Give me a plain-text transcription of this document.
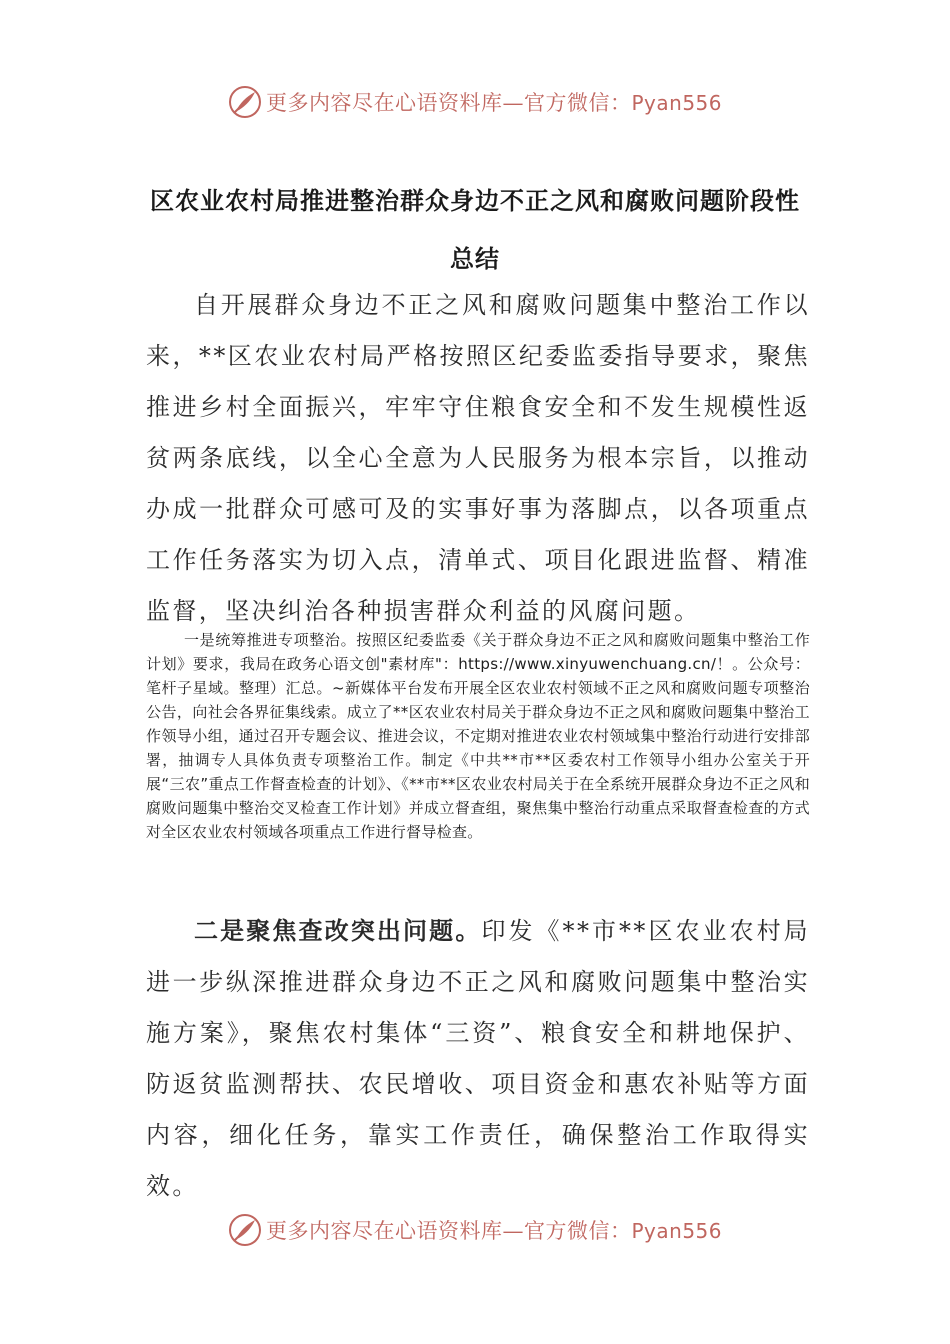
更多内容尽在心语资料库—官方微信：Pyan556
区农业农村局推进整治群众身边不正之风和腐败问题阶段性总结

自开展群众身边不正之风和腐败问题集中整治工作以来，**区农业农村局严格按照区纪委监委指导要求，聚焦推进乡村全面振兴，牢牢守住粮食安全和不发生规模性返贫两条底线，以全心全意为人民服务为根本宗旨，以推动办成一批群众可感可及的实事好事为落脚点，以各项重点工作任务落实为切入点，清单式、项目化跟进监督、精准监督，坚决纠治各种损害群众利益的风腐问题。

一是统筹推进专项整治。按照区纪委监委《关于群众身边不正之风和腐败问题集中整治工作计划》要求，我局在政务心语文创"素材库"：https://www.xinyuwenchuang.cn/！。公众号：笔杆子星域。整理）汇总。~新媒体平台发布开展全区农业农村领域不正之风和腐败问题专项整治公告，向社会各界征集线索。成立了**区农业农村局关于群众身边不正之风和腐败问题集中整治工作领导小组，通过召开专题会议、推进会议，不定期对推进农业农村领域集中整治行动进行安排部署，抽调专人具体负责专项整治工作。制定《中共**市**区委农村工作领导小组办公室关于开展“三农”重点工作督查检查的计划》、《**市**区农业农村局关于在全系统开展群众身边不正之风和腐败问题集中整治交叉检查工作计划》并成立督查组，聚焦集中整治行动重点采取督查检查的方式对全区农业农村领域各项重点工作进行督导检查。

二是聚焦查改突出问题。印发《**市**区农业农村局进一步纵深推进群众身边不正之风和腐败问题集中整治实施方案》，聚焦农村集体“三资”、粮食安全和耕地保护、防返贫监测帮扶、农民增收、项目资金和惠农补贴等方面内容，细化任务，靠实工作责任，确保整治工作取得实效。

更多内容尽在心语资料库—官方微信：Pyan556
